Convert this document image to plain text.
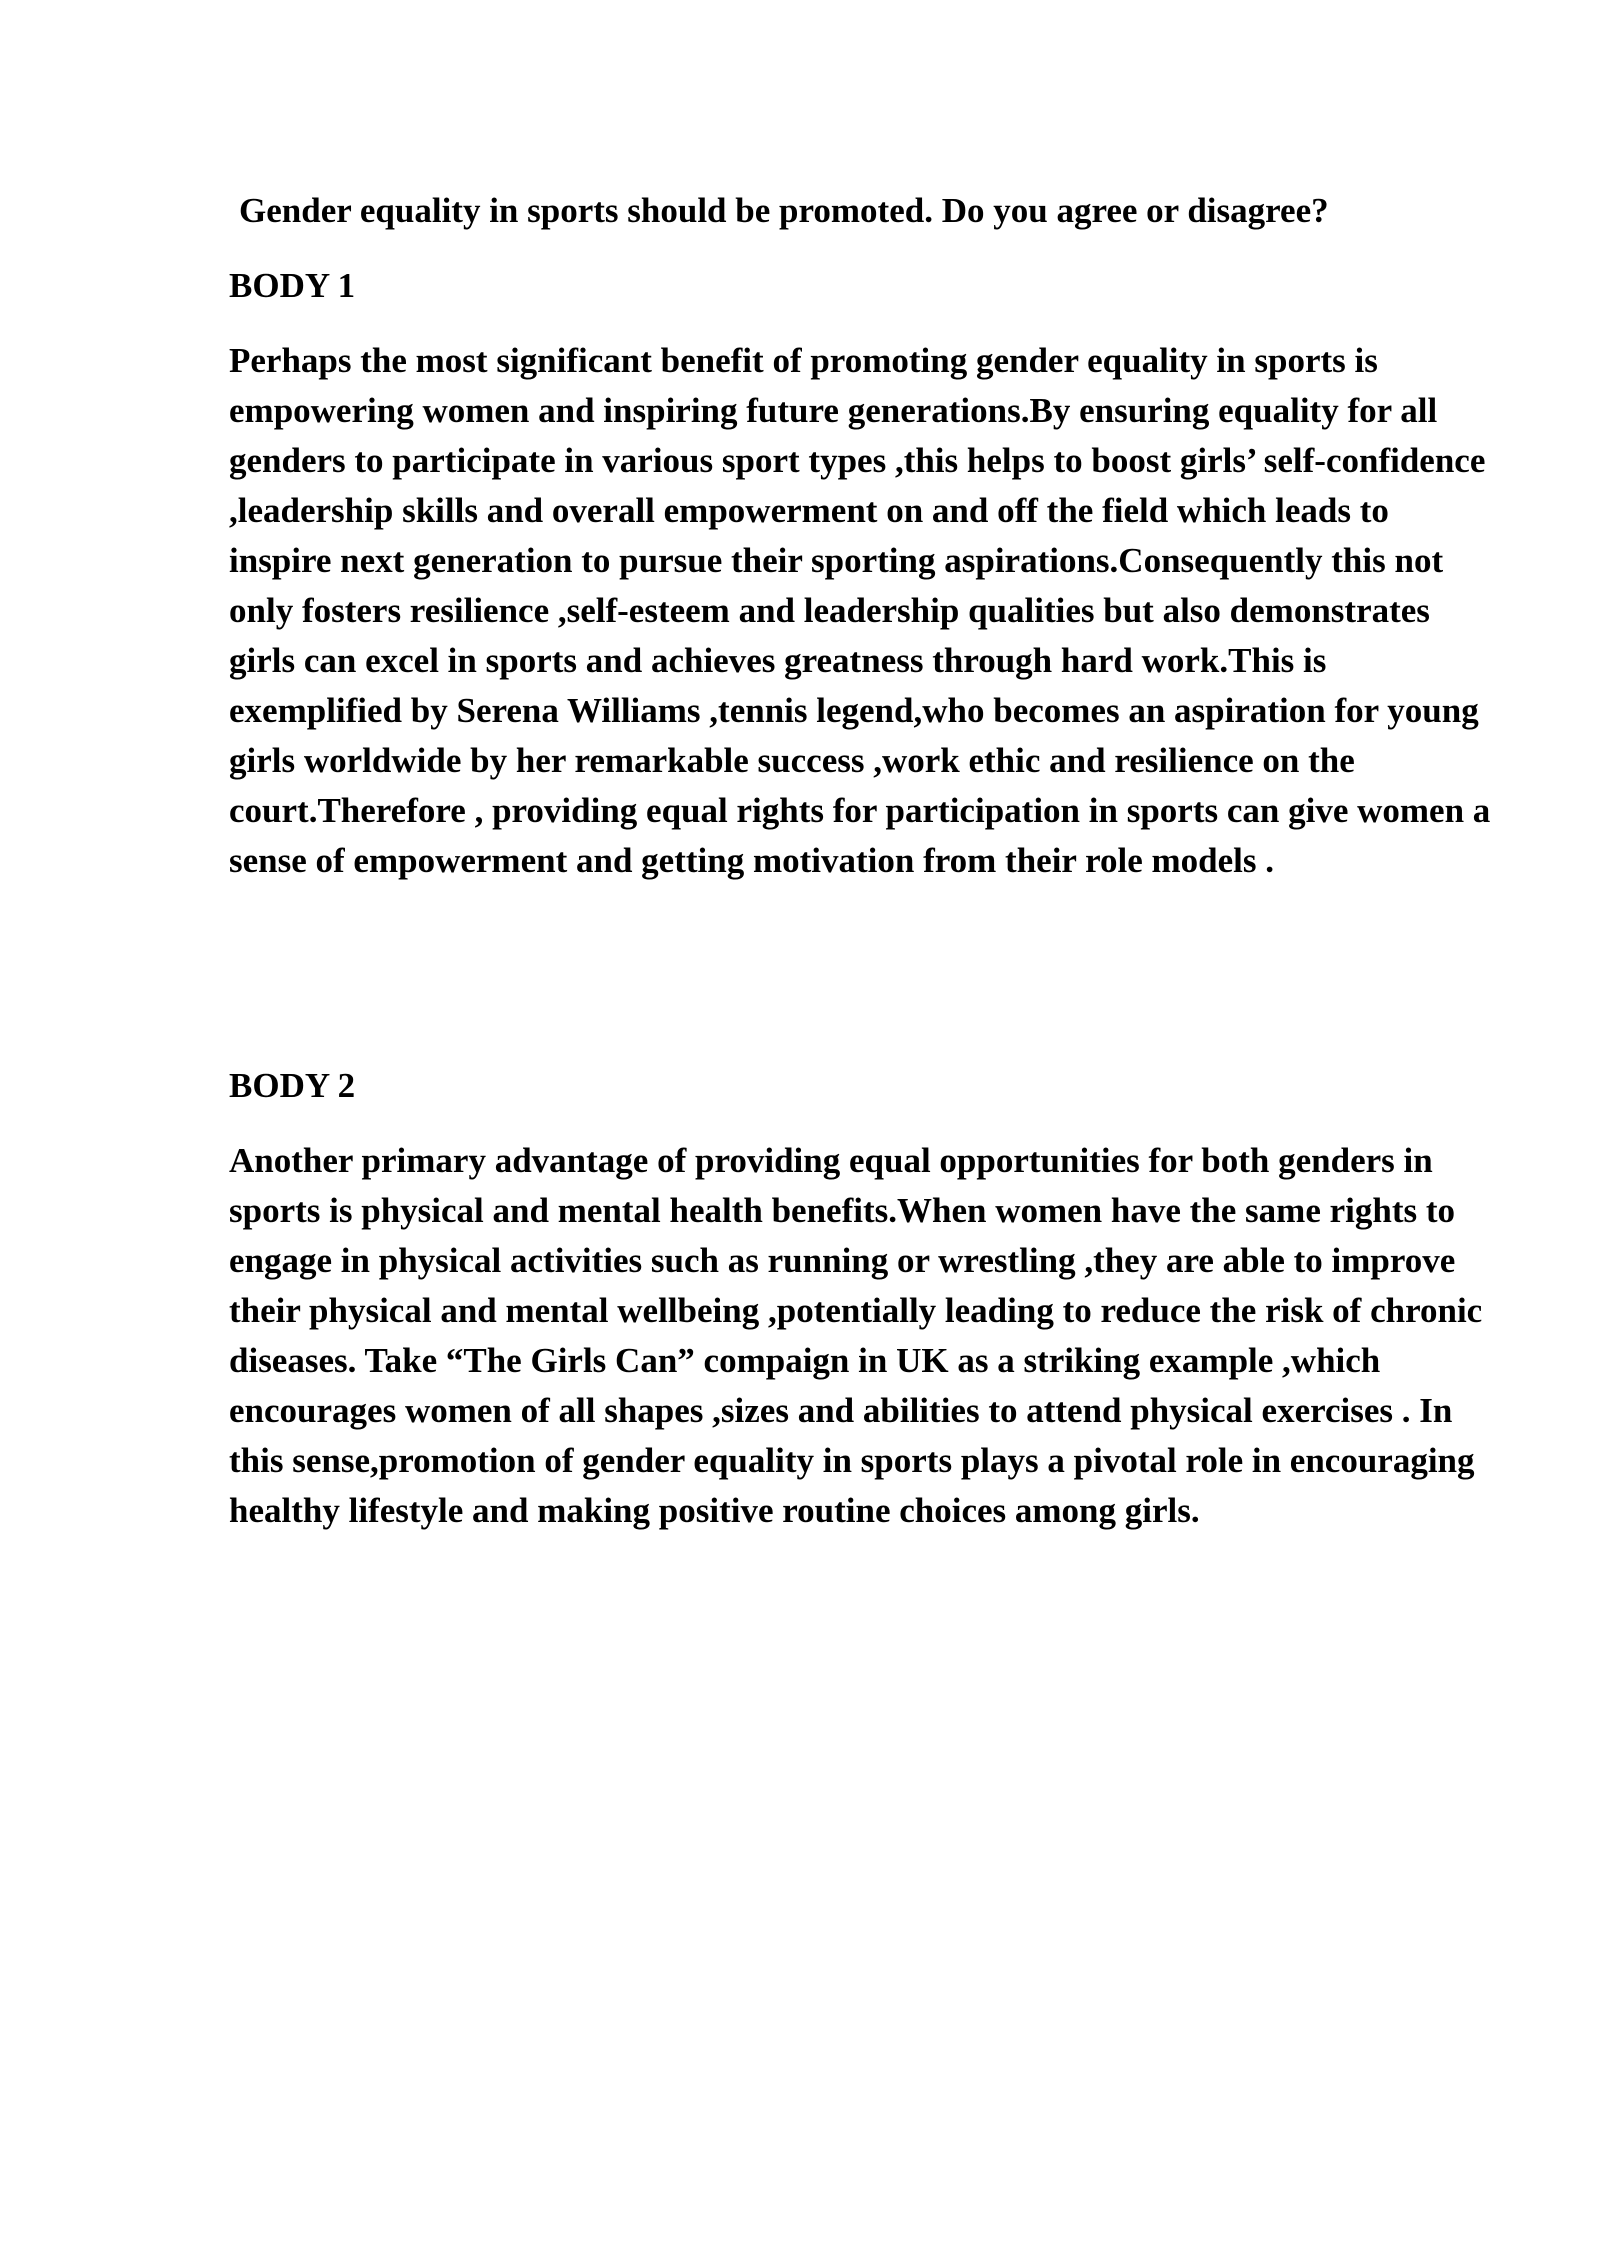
Gender equality in sports should be promoted. Do you agree or disagree?
BODY 1

Perhaps the most significant benefit of promoting gender equality in sports is empowering women and inspiring future generations.By ensuring equality for all genders to participate in various sport types ,this helps to boost girls’ self-confidence ,leadership skills and overall empowerment on and off the field which leads to inspire next generation to pursue their sporting aspirations.Consequently this not only fosters resilience ,self-esteem and leadership qualities but also demonstrates girls can excel in sports and achieves greatness through hard work.This is exemplified by Serena Williams ,tennis legend,who becomes an aspiration for young girls worldwide by her remarkable success ,work ethic and resilience on the court.Therefore , providing equal rights for participation in sports can give women a sense of empowerment and getting motivation from their role models .

BODY 2

Another primary advantage of providing equal opportunities for both genders in sports is physical and mental health benefits.When women have the same rights to engage in physical activities such as running or wrestling ,they are able to improve their physical and mental wellbeing ,potentially leading to reduce the risk of chronic diseases. Take “The Girls Can” compaign in UK as a striking example ,which encourages women of all shapes ,sizes and abilities to attend physical exercises . In this sense,promotion of gender equality in sports plays a pivotal role in encouraging healthy lifestyle and making positive routine choices among girls.
